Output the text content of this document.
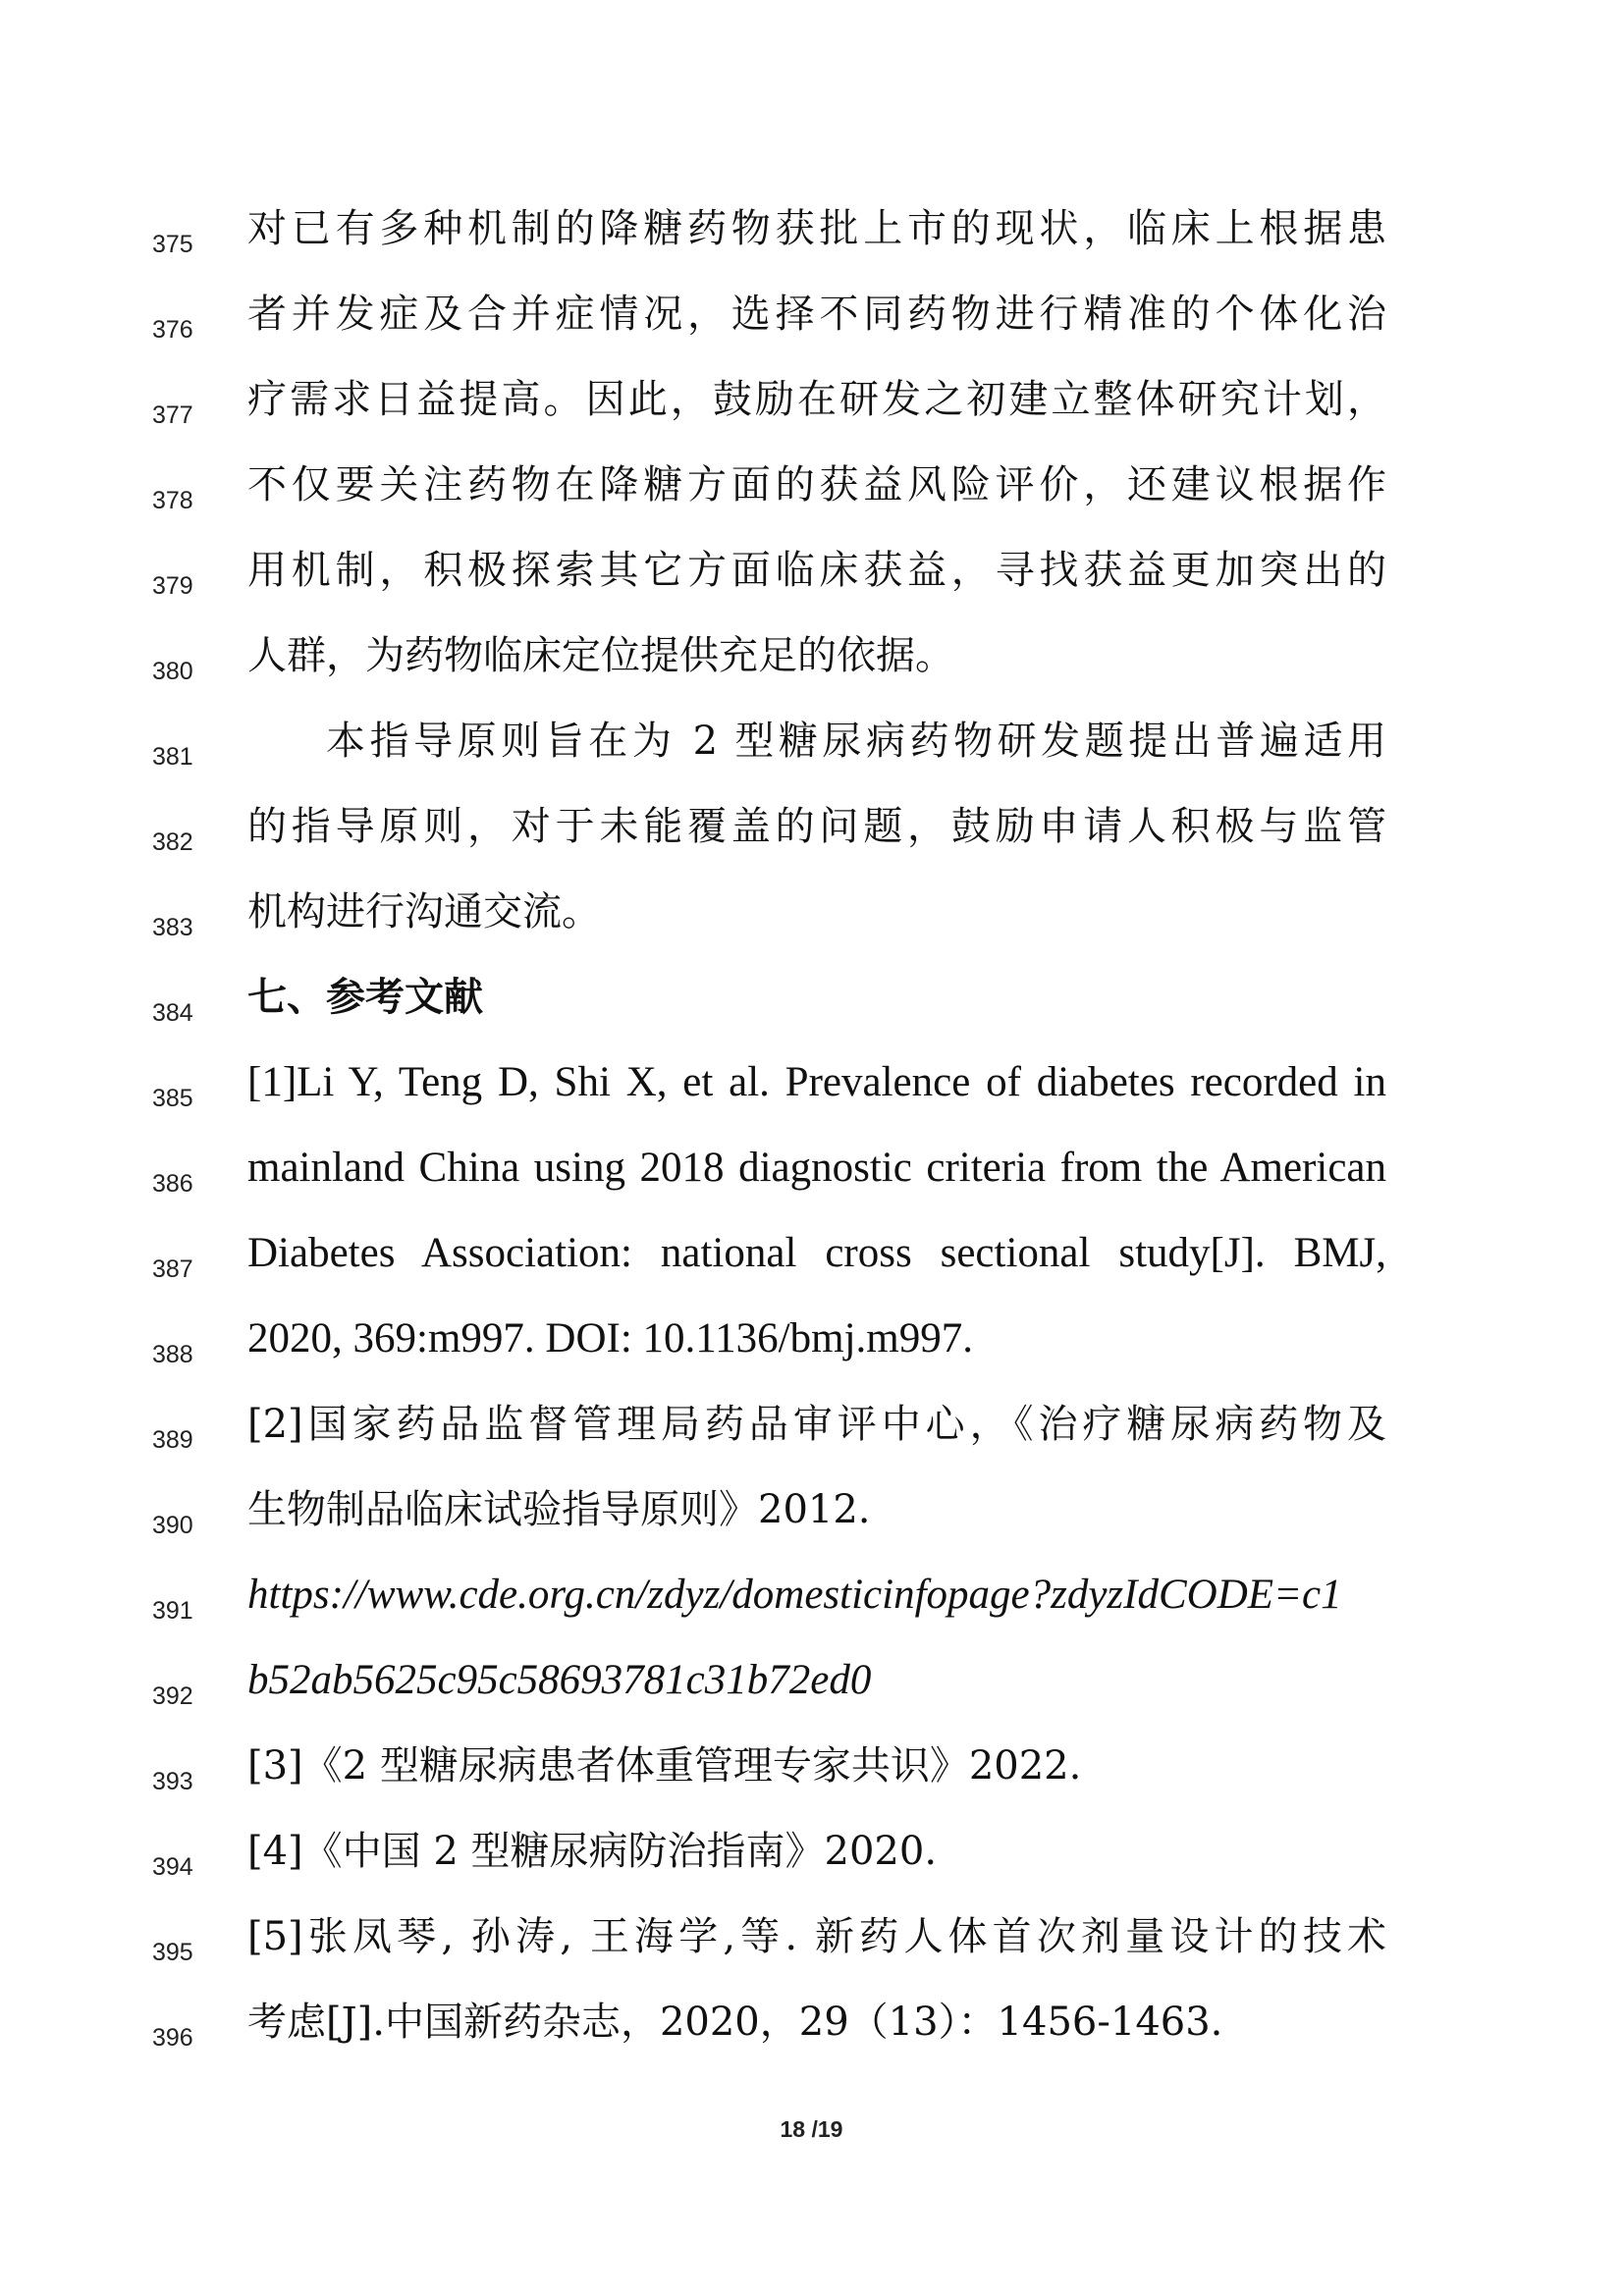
375 对已有多种机制的降糖药物获批上市的现状，临床上根据患
376 者并发症及合并症情况，选择不同药物进行精准的个体化治
377 疗需求日益提高。因此，鼓励在研发之初建立整体研究计划，
378 不仅要关注药物在降糖方面的获益风险评价，还建议根据作
379 用机制，积极探索其它方面临床获益，寻找获益更加突出的
380 人群，为药物临床定位提供充足的依据。
381	本指导原则旨在为 2 型糖尿病药物研发题提出普遍适用
382 的指导原则，对于未能覆盖的问题，鼓励申请人积极与监管
383 机构进行沟通交流。
384 七、参考文献
385 [1]Li Y, Teng D, Shi X, et al. Prevalence of diabetes recorded in
386 mainland China using 2018 diagnostic criteria from the American
387 Diabetes Association: national cross sectional study[J]. BMJ,
388 2020, 369:m997. DOI: 10.1136/bmj.m997.
389 [2]国家药品监督管理局药品审评中心，《治疗糖尿病药物及
390 生物制品临床试验指导原则》2012.
391 https://www.cde.org.cn/zdyz/domesticinfopage?zdyzIdCODE=c1
392 b52ab5625c95c58693781c31b72ed0
393 [3]《2 型糖尿病患者体重管理专家共识》2022.
394 [4]《中国 2 型糖尿病防治指南》2020.
395 [5]张凤琴, 孙涛, 王海学,等. 新药人体首次剂量设计的技术
396 考虑[J].中国新药杂志，2020，29（13）：1456-1463.
18 /19
